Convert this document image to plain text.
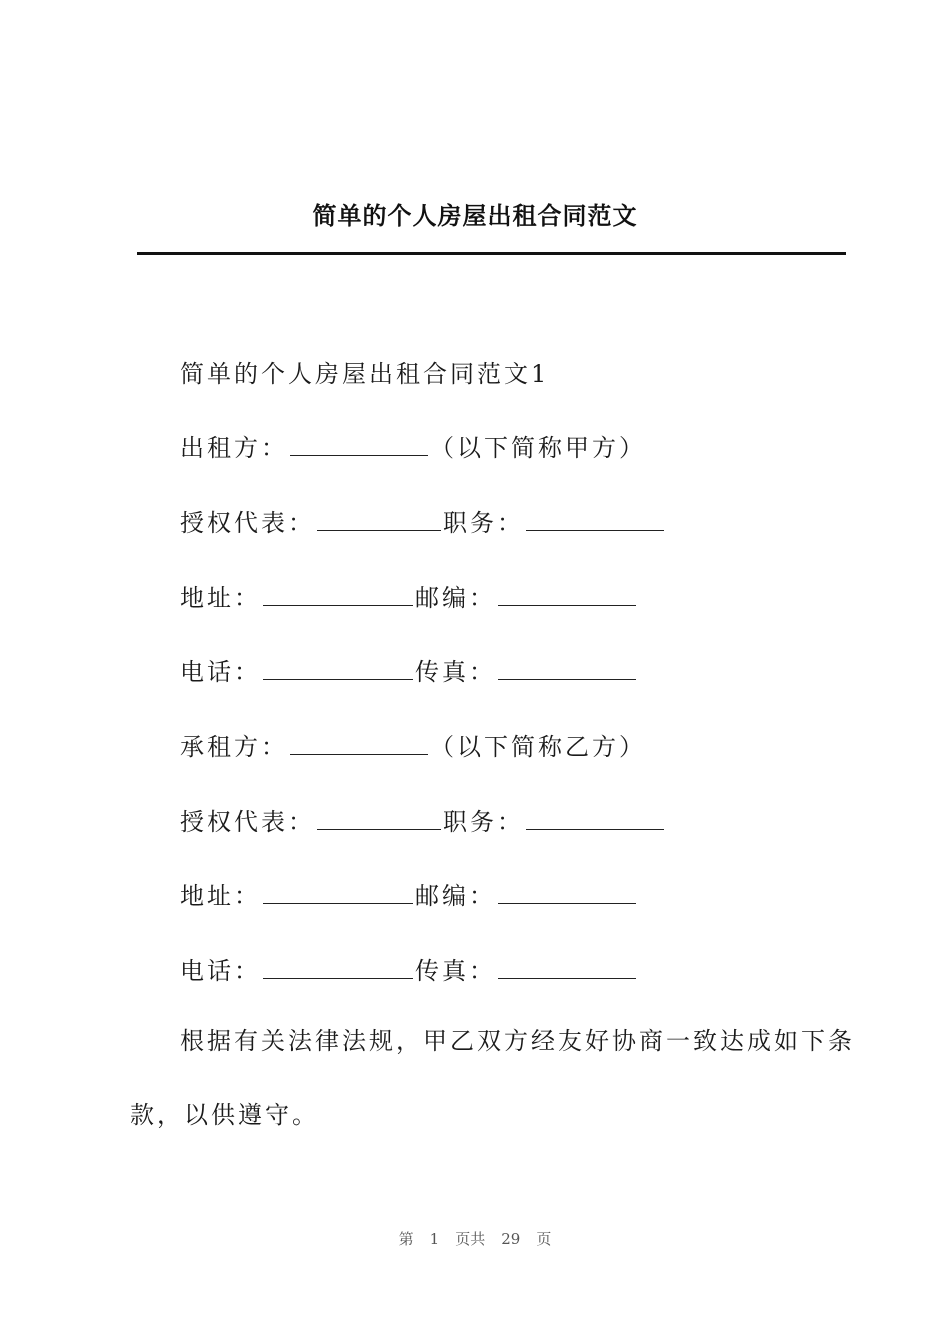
简单的个人房屋出租合同范文
简单的个人房屋出租合同范文1
出租方：	（以下简称甲方）
授权代表：	职务：
地址：	邮编：
电话：	传真：
承租方：	（以下简称乙方）
授权代表：	职务：
地址：	邮编：
电话：	传真：
根据有关法律法规，甲乙双方经友好协商一致达成如下条款，以供遵守。
第 1 页共 29 页
